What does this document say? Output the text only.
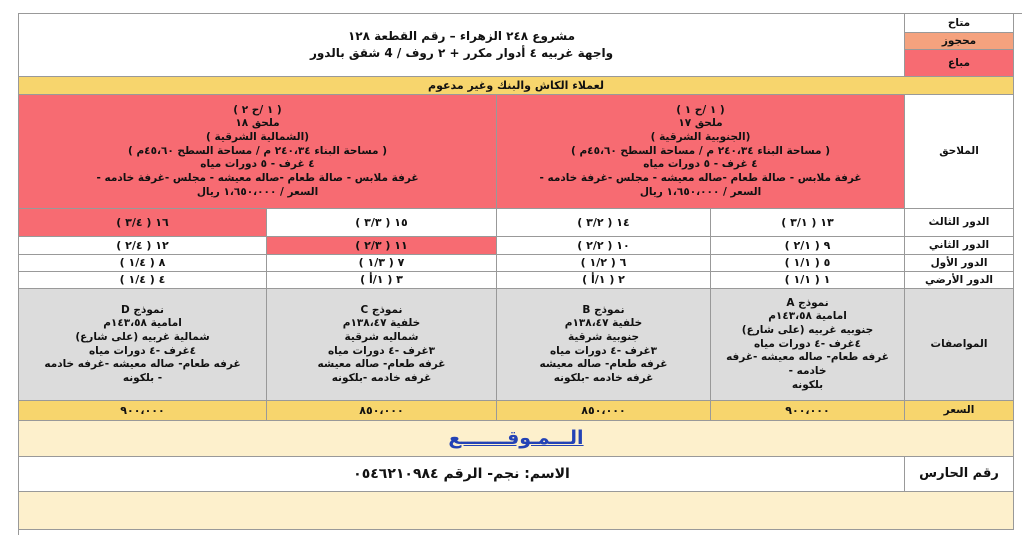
مشروع ٢٤٨ الزهراء – رقم القطعة ١٢٨
واجهة غربيه ٤ أدوار مكرر + ٢ روف / 4 شقق بالدور
متاح
محجوز
مباع
لعملاء الكاش والبنك وغير مدعوم
( ١ /ح ٢ )
ملحق ١٨
(الشمالية الشرقية )
( مساحة البناء ٢٤٠،٣٤ م / مساحة السطح ٤٥،٦٠م )
٤ غرف - ٥ دورات مياه
غرفة ملابس - صالة طعام -صاله معيشه - مجلس -غرفة خادمه -
السعر / ١،٦٥٠،٠٠٠ ريال
( ١ /ح ١ )
ملحق ١٧
(الجنوبية الشرقية )
( مساحة البناء ٢٤٠،٣٤ م / مساحة السطح ٤٥،٦٠م )
٤ غرف - ٥ دورات مياه
غرفة ملابس - صالة طعام -صاله معيشه - مجلس -غرفة خادمه -
السعر / ١،٦٥٠،٠٠٠ ريال
الملاحق
١٦ ( ٣/٤ )	١٥ ( ٣/٣ )	١٤ ( ٣/٢ )	١٣ ( ٣/١ )	الدور الثالث
١٢ ( ٢/٤ )	١١ ( ٢/٣ )	١٠ ( ٢/٢ )	٩ ( ٢/١ )	الدور الثاني
٨ ( ١/٤ )	٧ ( ١/٣ )	٦ ( ١/٢ )	٥ ( ١/١ )	الدور الأول
٤ ( ١/٤ )	٣ ( ١/أ )	٢ ( ١/أ )	١ ( ١/١ )	الدور الأرضي
نموذج D
امامية ١٤٣،٥٨م
شمالية غربيه (على شارع)
٤غرف -٤ دورات مياه
غرفه طعام- صاله معيشه -غرفه خادمه
- بلكونه
نموذج C
خلفية ١٣٨،٤٧م
شماليه شرقية
٣غرف -٤ دورات مياه
غرفه طعام- صاله معيشه
غرفه خادمه -بلكونه
نموذج B
خلفية ١٣٨،٤٧م
جنوبية شرقية
٣غرف -٤ دورات مياه
غرفه طعام- صاله معيشه
غرفه خادمه -بلكونه
نموذج A
امامية ١٤٣،٥٨م
جنوبيه غربيه (على شارع)
٤غرف -٤ دورات مياه
غرفه طعام- صاله معيشه -غرفه خادمه -
بلكونه
المواصفات
٩٠٠،٠٠٠	٨٥٠،٠٠٠	٨٥٠،٠٠٠	٩٠٠،٠٠٠	السعر
الـــمـوقـــــــع
الاسم: نجم- الرقم ٠٥٤٦٢١٠٩٨٤	رقم الحارس
